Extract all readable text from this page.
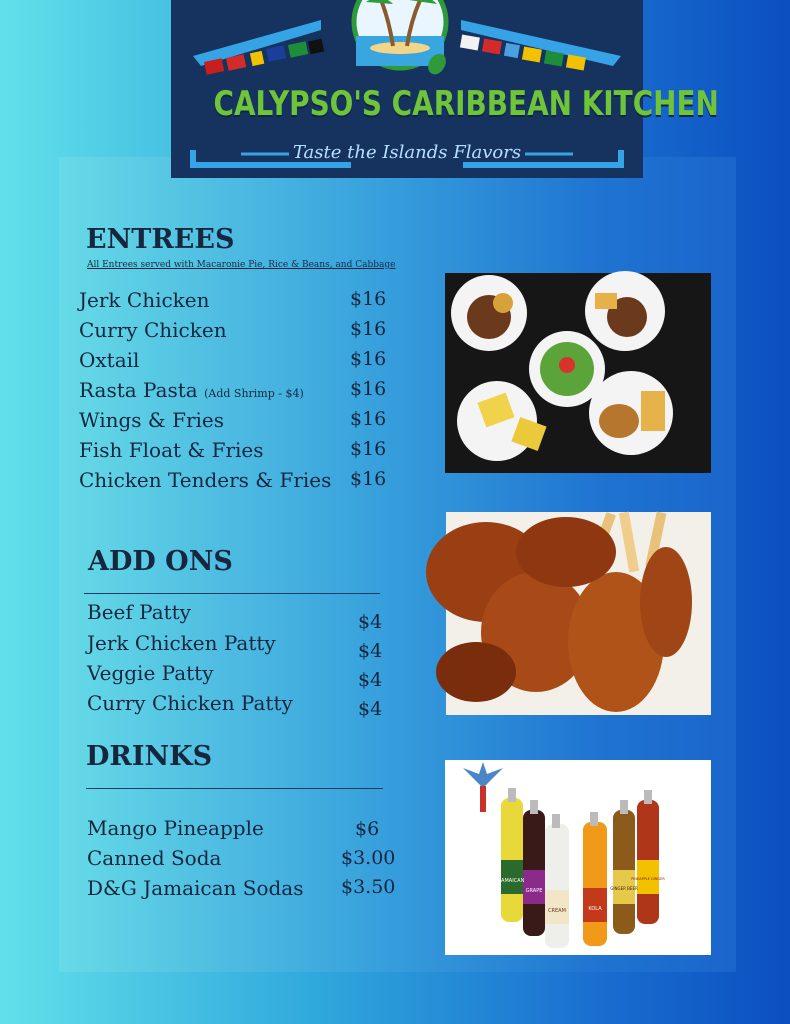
CALYPSO'S CARIBBEAN KITCHEN
Taste the Islands Flavors
ENTREES
All Entrees served with Macaronie Pie, Rice & Beans, and Cabbage
Jerk Chicken	$16
Curry Chicken	$16
Oxtail	$16
Rasta Pasta (Add Shrimp - $4) $16
Wings & Fries	$16
Fish Float & Fries	$16
Chicken Tenders & Fries $16
ADD ONS
Beef Patty	$4
Jerk Chicken Patty	$4
Veggie Patty	$4
Curry Chicken Patty	$4
DRINKS
Mango Pineapple	$6
Canned Soda	$3.00
D&G Jamaican Sodas $3.50	JAMAICAN
GRAPE
CREAM	KOLA
GINGER BEER
PINEAPPLE GINGER
